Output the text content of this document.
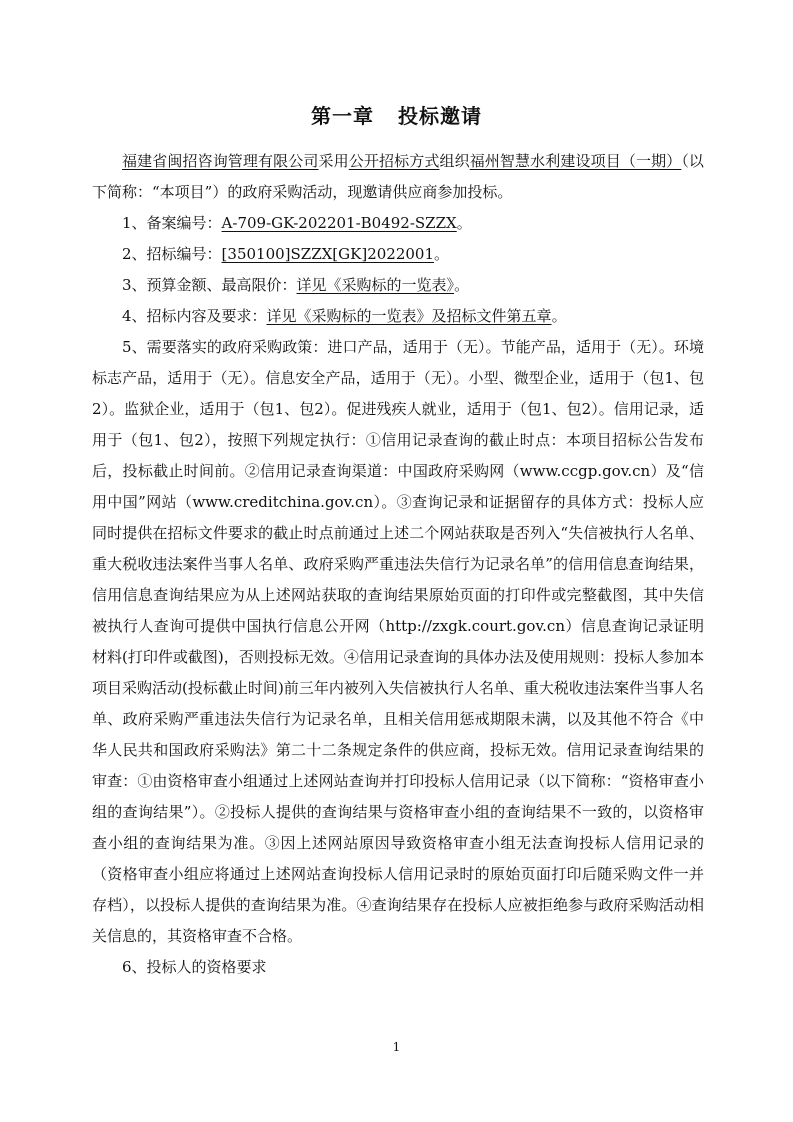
第一章 投标邀请

福建省闽招咨询管理有限公司采用公开招标方式组织福州智慧水利建设项目（一期）（以下简称：“本项目”）的政府采购活动，现邀请供应商参加投标。

1、备案编号：A-709-GK-202201-B0492-SZZX。

2、招标编号：[350100]SZZX[GK]2022001。

3、预算金额、最高限价：详见《采购标的一览表》。

4、招标内容及要求：详见《采购标的一览表》及招标文件第五章。

5、需要落实的政府采购政策：进口产品，适用于（无）。节能产品，适用于（无）。环境标志产品，适用于（无）。信息安全产品，适用于（无）。小型、微型企业，适用于（包1、包2）。监狱企业，适用于（包1、包2）。促进残疾人就业，适用于（包1、包2）。信用记录，适用于（包1、包2），按照下列规定执行：①信用记录查询的截止时点：本项目招标公告发布后，投标截止时间前。②信用记录查询渠道：中国政府采购网（www.ccgp.gov.cn）及“信用中国”网站（www.creditchina.gov.cn）。③查询记录和证据留存的具体方式：投标人应同时提供在招标文件要求的截止时点前通过上述二个网站获取是否列入“失信被执行人名单、重大税收违法案件当事人名单、政府采购严重违法失信行为记录名单”的信用信息查询结果，信用信息查询结果应为从上述网站获取的查询结果原始页面的打印件或完整截图，其中失信被执行人查询可提供中国执行信息公开网（http://zxgk.court.gov.cn）信息查询记录证明材料(打印件或截图)，否则投标无效。④信用记录查询的具体办法及使用规则：投标人参加本项目采购活动(投标截止时间)前三年内被列入失信被执行人名单、重大税收违法案件当事人名单、政府采购严重违法失信行为记录名单，且相关信用惩戒期限未满，以及其他不符合《中华人民共和国政府采购法》第二十二条规定条件的供应商，投标无效。信用记录查询结果的审查：①由资格审查小组通过上述网站查询并打印投标人信用记录（以下简称：“资格审查小组的查询结果”）。②投标人提供的查询结果与资格审查小组的查询结果不一致的，以资格审查小组的查询结果为准。③因上述网站原因导致资格审查小组无法查询投标人信用记录的（资格审查小组应将通过上述网站查询投标人信用记录时的原始页面打印后随采购文件一并存档），以投标人提供的查询结果为准。④查询结果存在投标人应被拒绝参与政府采购活动相关信息的，其资格审查不合格。

6、投标人的资格要求

1
